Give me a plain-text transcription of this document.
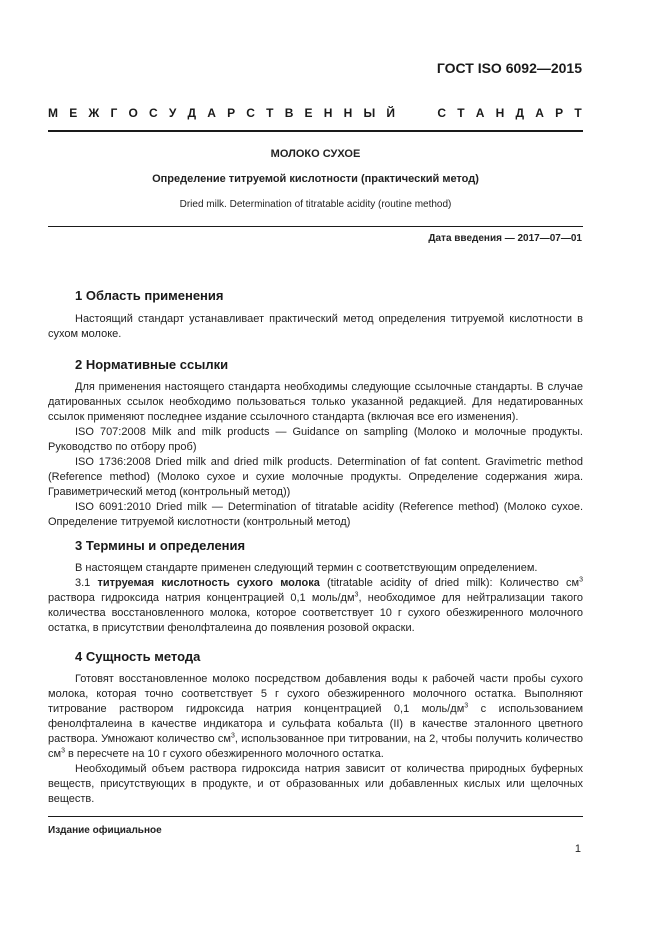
ГОСТ ISO 6092—2015
М Е Ж Г О С У Д А Р С Т В Е Н Н Ы Й	С Т А Н Д А Р Т
МОЛОКО СУХОЕ
Определение титруемой кислотности (практический метод)
Dried milk. Determination of titratable acidity (routine method)
Дата введения — 2017—07—01
1 Область применения

Настоящий стандарт устанавливает практический метод определения титруемой кислотности в сухом молоке.

2 Нормативные ссылки

Для применения настоящего стандарта необходимы следующие ссылочные стандарты. В случае датированных ссылок необходимо пользоваться только указанной редакцией. Для недатированных ссылок применяют последнее издание ссылочного стандарта (включая все его изменения).

ISO 707:2008 Milk and milk products — Guidance on sampling (Молоко и молочные продукты. Руководство по отбору проб)

ISO 1736:2008 Dried milk and dried milk products. Determination of fat content. Gravimetric method (Reference method) (Молоко сухое и сухие молочные продукты. Определение содержания жира. Гравиметрический метод (контрольный метод))

ISO 6091:2010 Dried milk — Determination of titratable acidity (Reference method) (Молоко сухое. Определение титруемой кислотности (контрольный метод)

3 Термины и определения

В настоящем стандарте применен следующий термин с соответствующим определением.

3.1 титруемая кислотность сухого молока (titratable acidity of dried milk): Количество $см^3$ раствора гидроксида натрия концентрацией 0,1 моль/$дм^3$, необходимое для нейтрализации такого количества восстановленного молока, которое соответствует 10 г сухого обезжиренного молочного остатка, в присутствии фенолфталеина до появления розовой окраски.

4 Сущность метода

Готовят восстановленное молоко посредством добавления воды к рабочей части пробы сухого молока, которая точно соответствует 5 г сухого обезжиренного молочного остатка. Выполняют титрование раствором гидроксида натрия концентрацией 0,1 моль/$дм^3$ с использованием фенолфталеина в качестве индикатора и сульфата кобальта (II) в качестве эталонного цветного раствора. Умножают количество $см^3$, использованное при титровании, на 2, чтобы получить количество $см^3$ в пересчете на 10 г сухого обезжиренного молочного остатка.

Необходимый объем раствора гидроксида натрия зависит от количества природных буферных веществ, присутствующих в продукте, и от образованных или добавленных кислых или щелочных веществ.

Издание официальное
1
